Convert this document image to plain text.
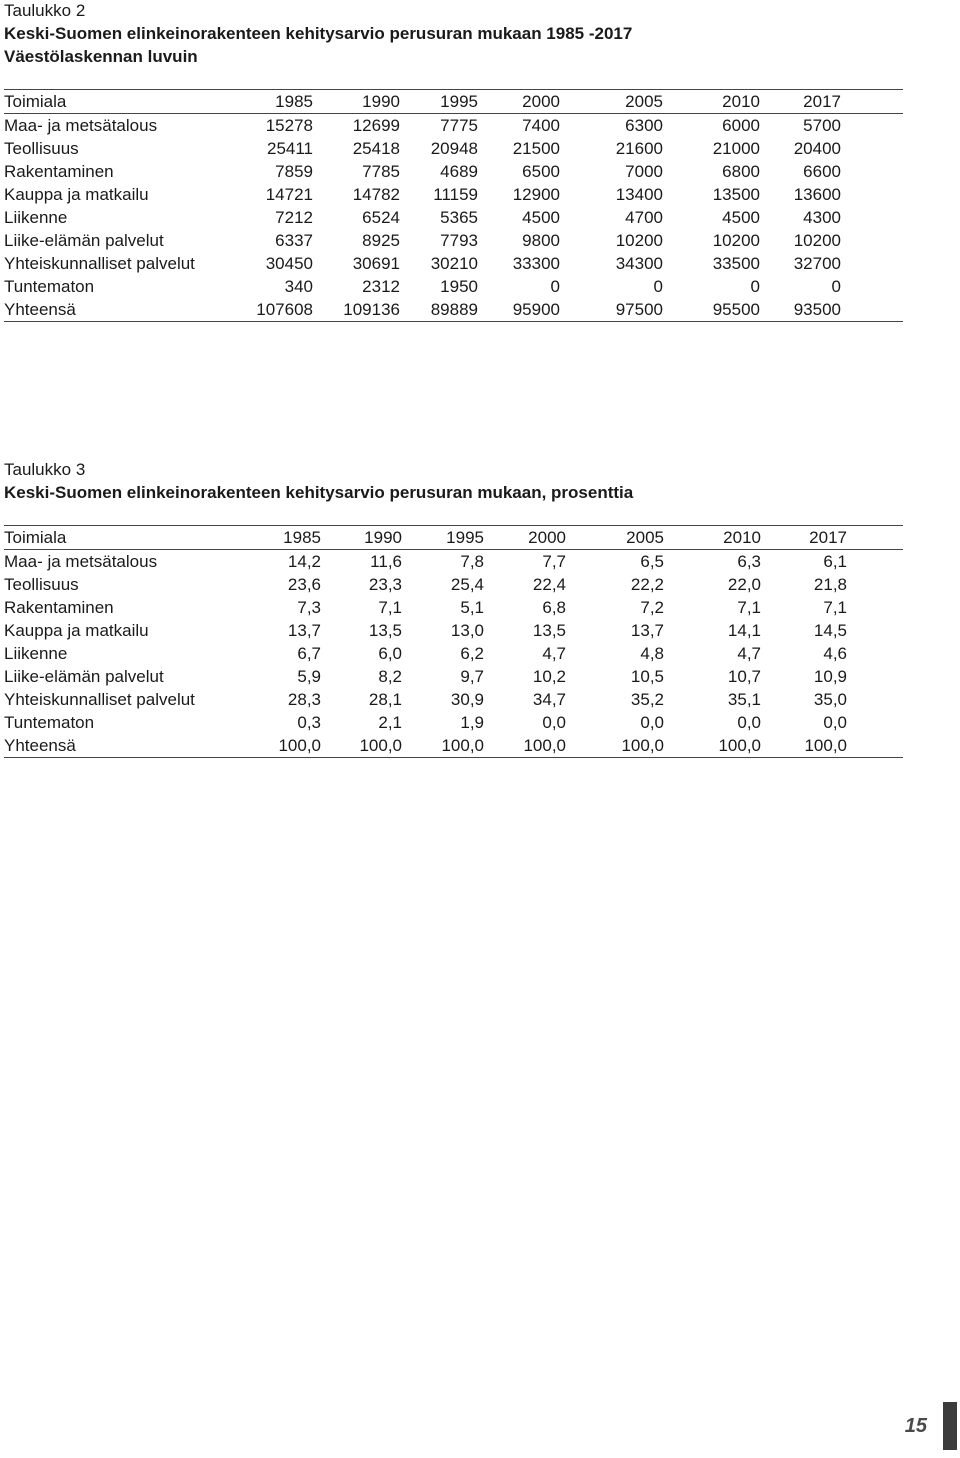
Taulukko 2

Keski-Suomen elinkeinorakenteen kehitysarvio perusuran mukaan 1985 -2017

Väestölaskennan luvuin

Toimiala	1985	1990	1995	2000	2005	2010	2017	
Maa- ja metsätalous	15278	12699	7775	7400	6300	6000	5700	
Teollisuus	25411	25418	20948	21500	21600	21000	20400	
Rakentaminen	7859	7785	4689	6500	7000	6800	6600	
Kauppa ja matkailu	14721	14782	11159	12900	13400	13500	13600	
Liikenne	7212	6524	5365	4500	4700	4500	4300	
Liike-elämän palvelut	6337	8925	7793	9800	10200	10200	10200	
Yhteiskunnalliset palvelut	30450	30691	30210	33300	34300	33500	32700	
Tuntematon	340	2312	1950	0	0	0	0	
Yhteensä	107608	109136	89889	95900	97500	95500	93500	

Taulukko 3

Keski-Suomen elinkeinorakenteen kehitysarvio perusuran mukaan, prosenttia

Toimiala	1985	1990	1995	2000	2005	2010	2017	
Maa- ja metsätalous	14,2	11,6	7,8	7,7	6,5	6,3	6,1	
Teollisuus	23,6	23,3	25,4	22,4	22,2	22,0	21,8	
Rakentaminen	7,3	7,1	5,1	6,8	7,2	7,1	7,1	
Kauppa ja matkailu	13,7	13,5	13,0	13,5	13,7	14,1	14,5	
Liikenne	6,7	6,0	6,2	4,7	4,8	4,7	4,6	
Liike-elämän palvelut	5,9	8,2	9,7	10,2	10,5	10,7	10,9	
Yhteiskunnalliset palvelut	28,3	28,1	30,9	34,7	35,2	35,1	35,0	
Tuntematon	0,3	2,1	1,9	0,0	0,0	0,0	0,0	
Yhteensä	100,0	100,0	100,0	100,0	100,0	100,0	100,0	
15
